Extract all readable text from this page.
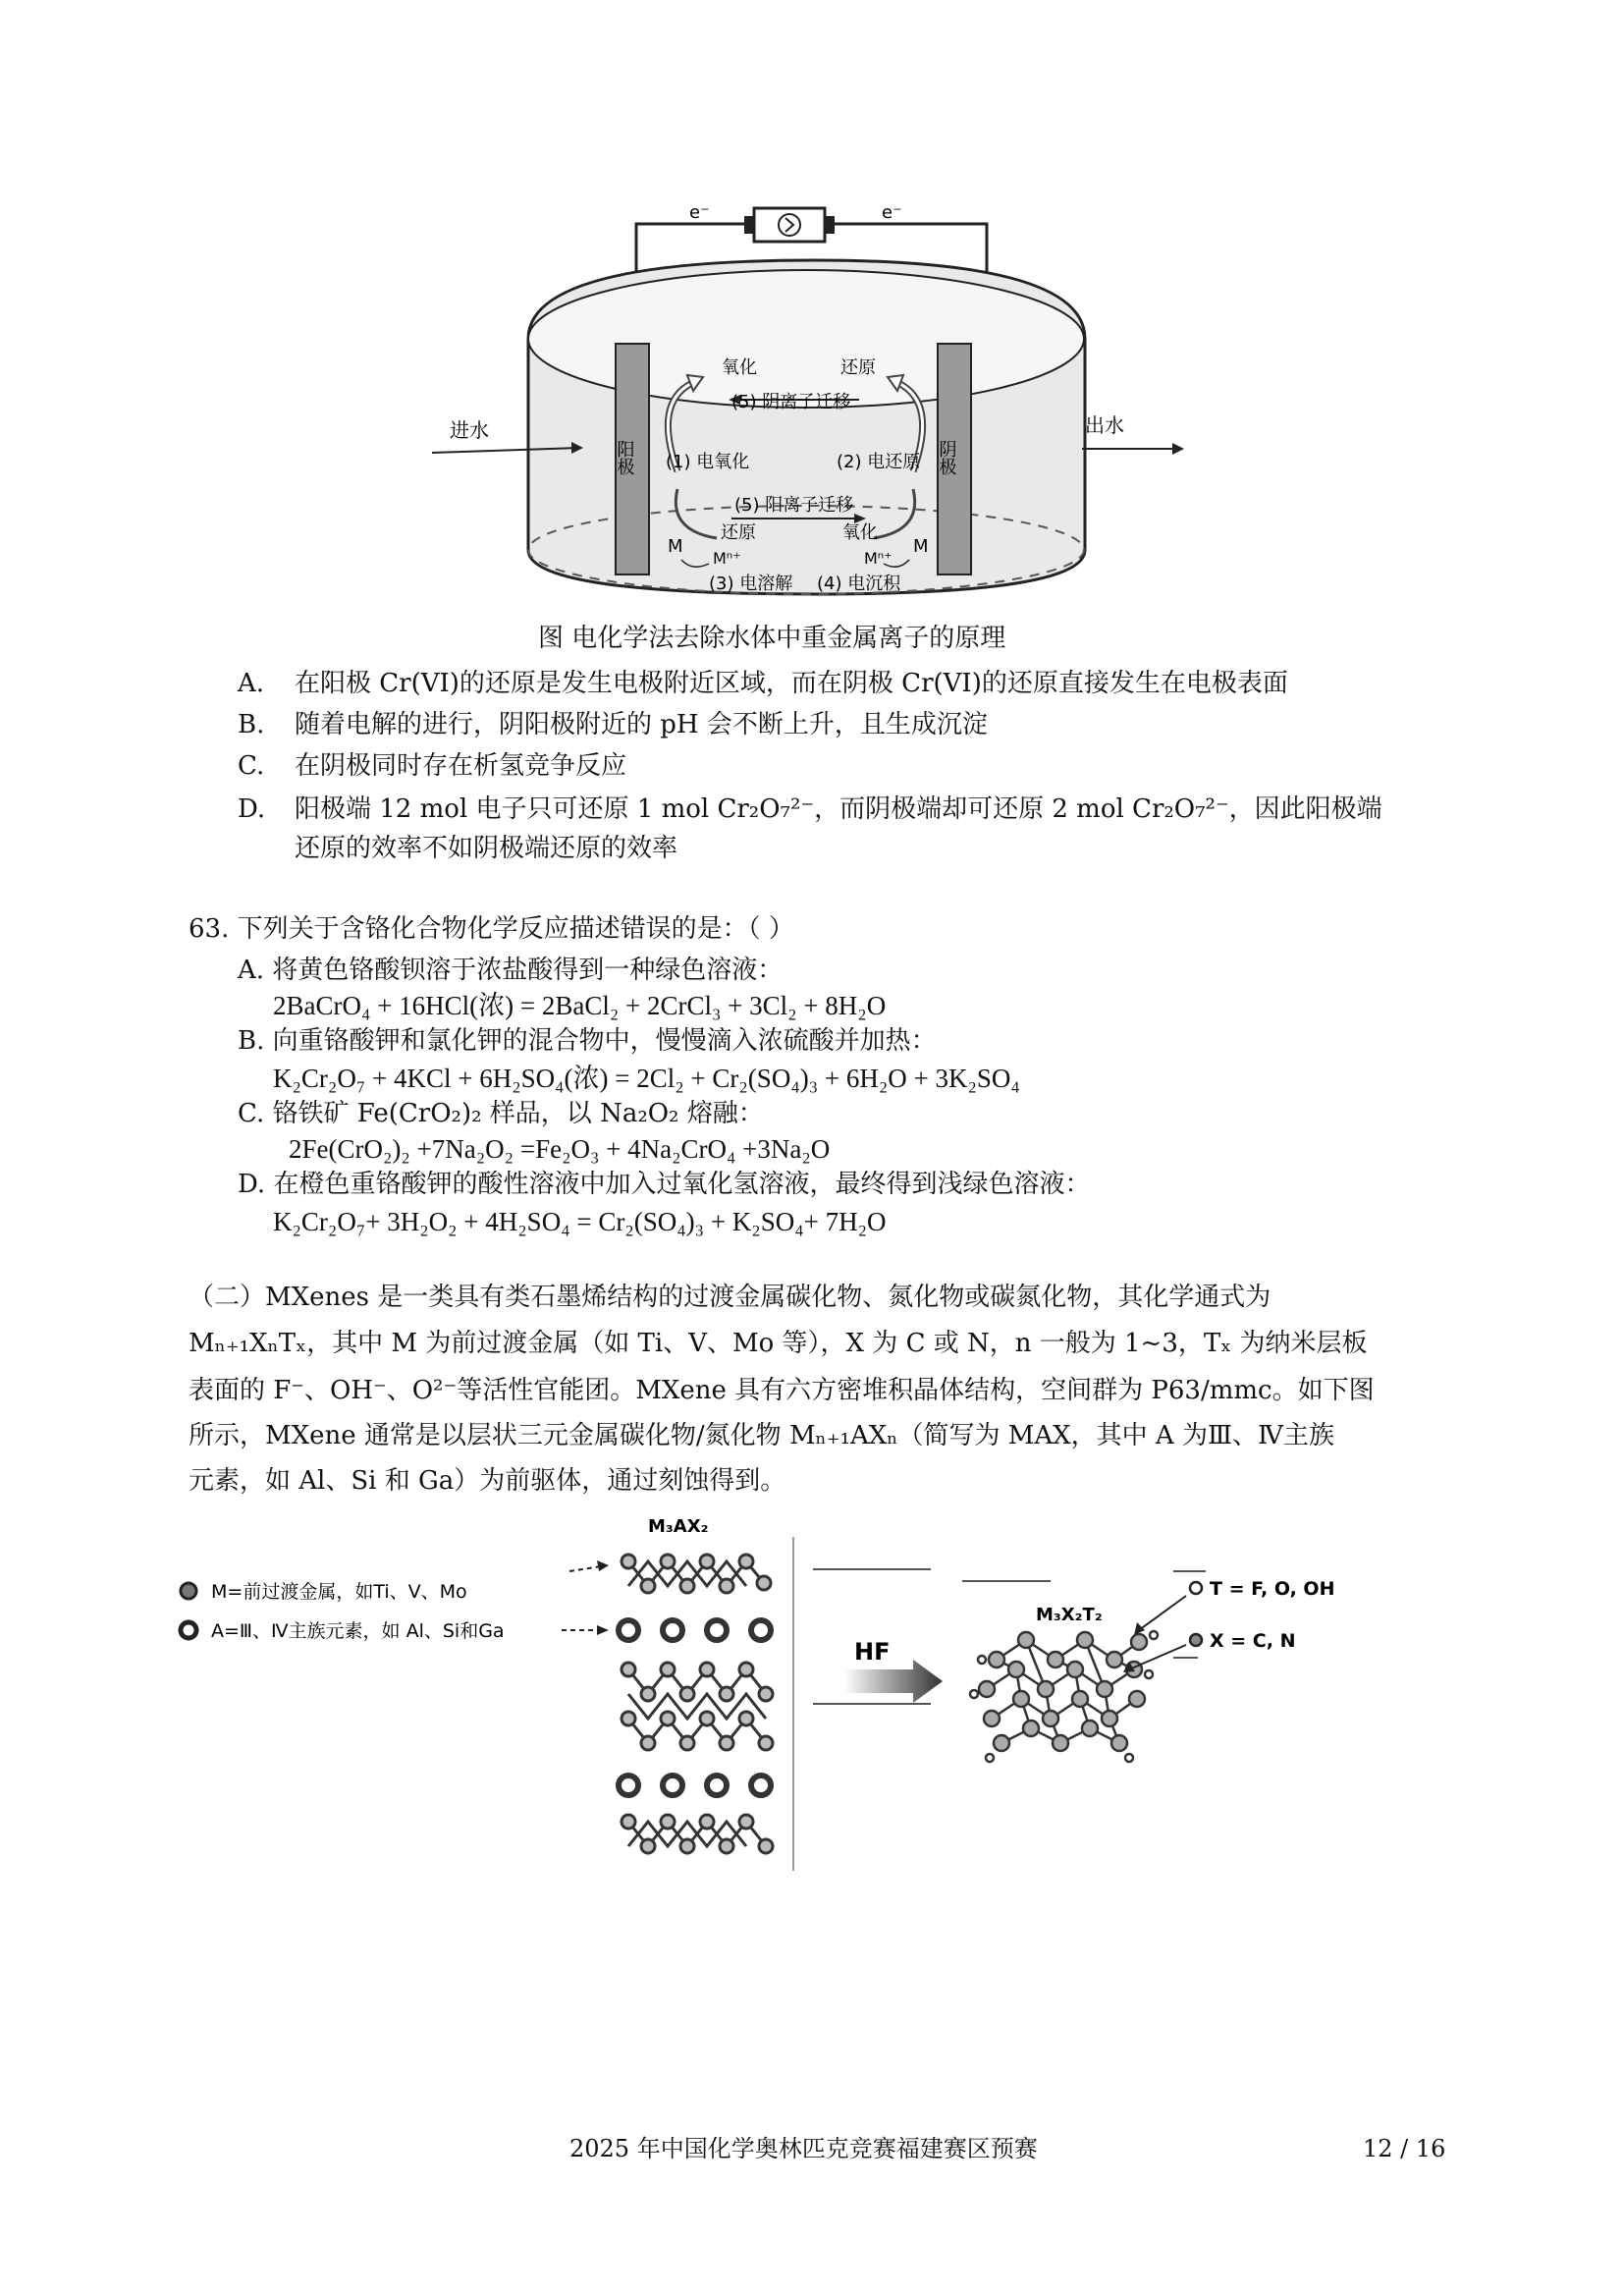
e⁻	e⁻
阳极	阴极
进水	出水
氧化	还原
(5) 阴离子迁移
(1) 电氧化	(2) 电还原
(5) 阳离子迁移
还原	氧化
M	M
Mⁿ⁺	Mⁿ⁺
(3) 电溶解 (4) 电沉积
图 电化学法去除水体中重金属离子的原理
A.	在阳极 Cr(VI)的还原是发生电极附近区域，而在阴极 Cr(VI)的还原直接发生在电极表面
B.	随着电解的进行，阴阳极附近的 pH 会不断上升，且生成沉淀
C.	在阴极同时存在析氢竞争反应
D.	阳极端 12 mol 电子只可还原 1 mol Cr₂O₇²⁻，而阴极端却可还原 2 mol Cr₂O₇²⁻，因此阳极端
还原的效率不如阴极端还原的效率
63. 下列关于含铬化合物化学反应描述错误的是：（ ）
A. 将黄色铬酸钡溶于浓盐酸得到一种绿色溶液：
2BaCrO₄ + 16HCl(浓) = 2BaCl₂ + 2CrCl₃ + 3Cl₂ + 8H₂O
B. 向重铬酸钾和氯化钾的混合物中，慢慢滴入浓硫酸并加热：
K₂Cr₂O₇ + 4KCl + 6H₂SO₄(浓) = 2Cl₂ + Cr₂(SO₄)₃ + 6H₂O + 3K₂SO₄
C. 铬铁矿 Fe(CrO₂)₂ 样品，以 Na₂O₂ 熔融：
2Fe(CrO₂)₂ +7Na₂O₂ =Fe₂O₃ + 4Na₂CrO₄ +3Na₂O
D. 在橙色重铬酸钾的酸性溶液中加入过氧化氢溶液，最终得到浅绿色溶液：
K₂Cr₂O₇+ 3H₂O₂ + 4H₂SO₄ = Cr₂(SO₄)₃ + K₂SO₄+ 7H₂O
（二）MXenes 是一类具有类石墨烯结构的过渡金属碳化物、氮化物或碳氮化物，其化学通式为
Mₙ₊₁XₙTₓ，其中 M 为前过渡金属（如 Ti、V、Mo 等），X 为 C 或 N，n 一般为 1~3，Tₓ 为纳米层板
表面的 F⁻、OH⁻、O²⁻等活性官能团。MXene 具有六方密堆积晶体结构，空间群为 P63/mmc。如下图
所示，MXene 通常是以层状三元金属碳化物/氮化物 Mₙ₊₁AXₙ（简写为 MAX，其中 A 为Ⅲ、Ⅳ主族
元素，如 Al、Si 和 Ga）为前驱体，通过刻蚀得到。
M₃AX₂
M=前过渡金属，如Ti、V、Mo
A=Ⅲ、Ⅳ主族元素，如 Al、Si和Ga
HF
M₃X₂T₂
T = F, O, OH
X = C, N
2025 年中国化学奥林匹克竞赛福建赛区预赛	12 / 16
